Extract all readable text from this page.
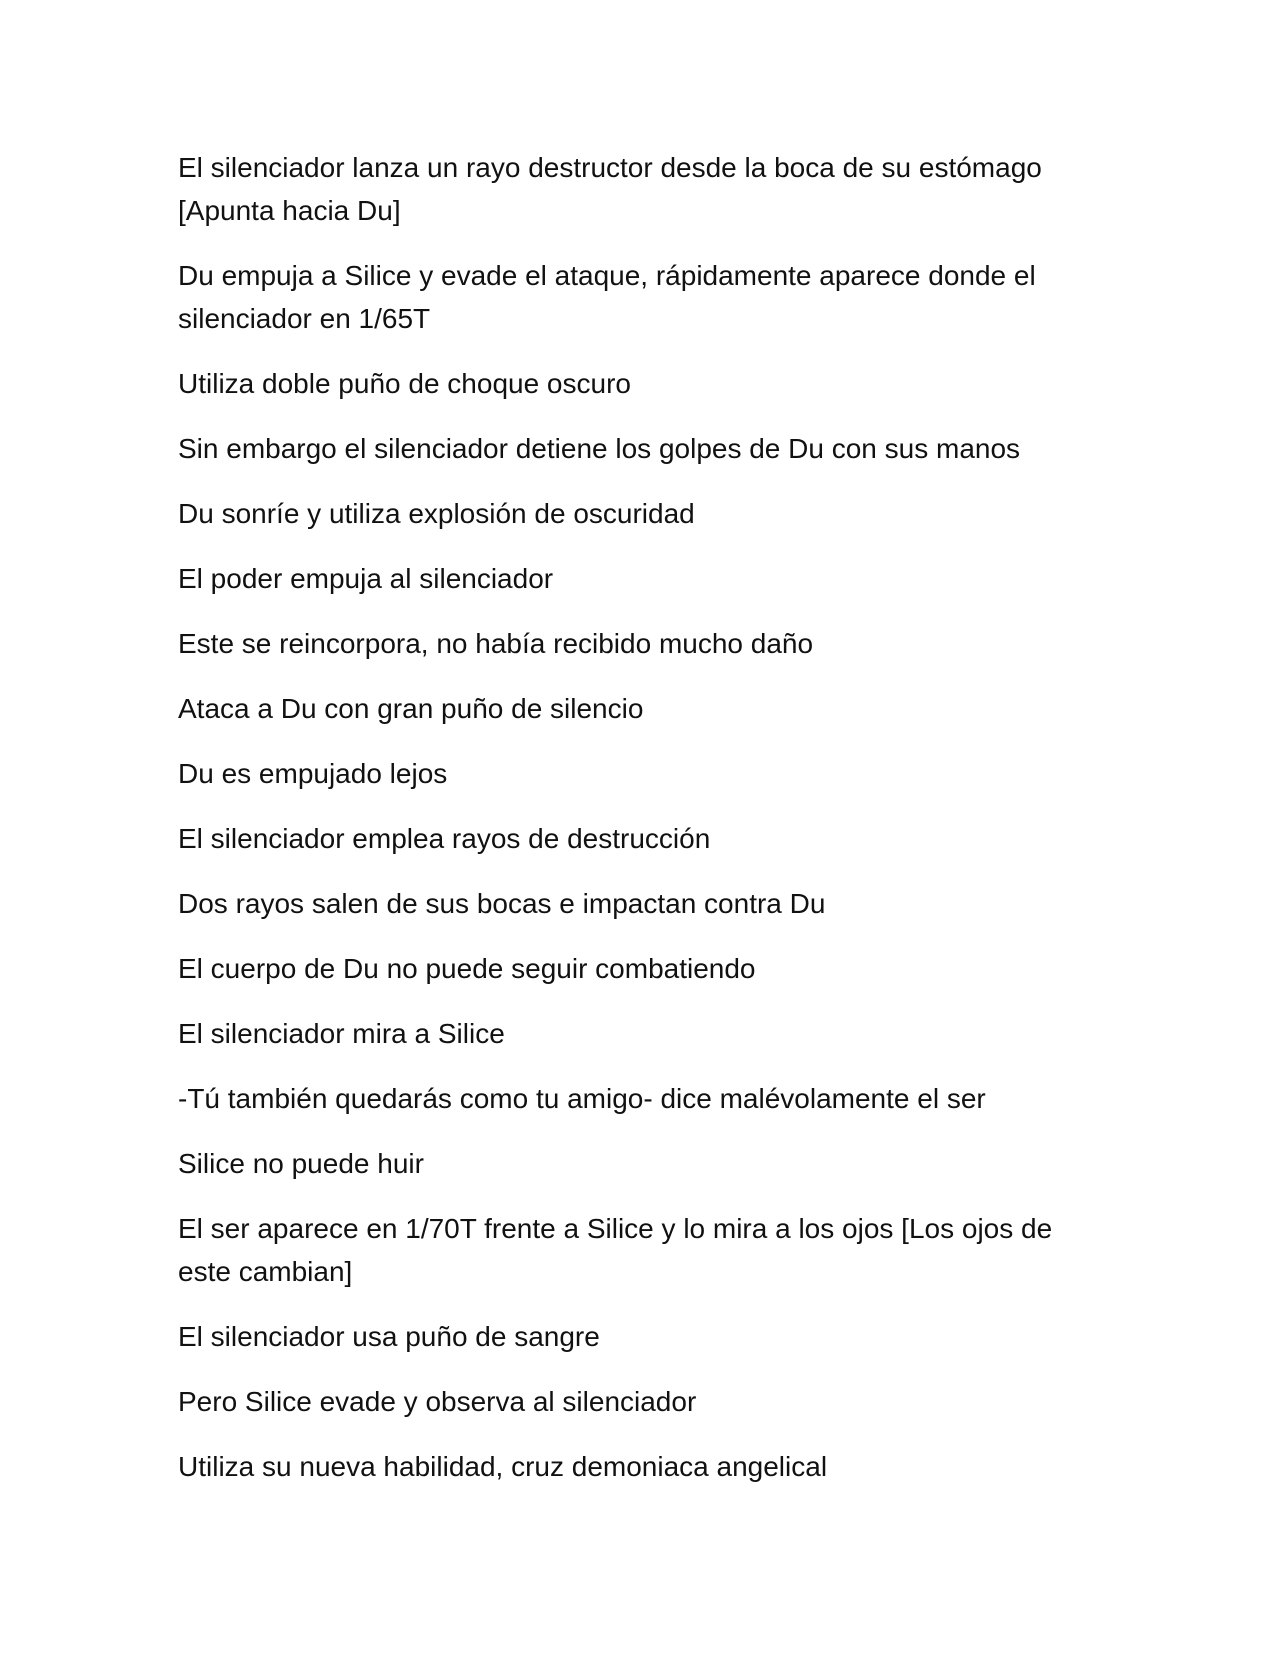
El silenciador lanza un rayo destructor desde la boca de su estómago [Apunta hacia Du]

Du empuja a Silice y evade el ataque, rápidamente aparece donde el silenciador en 1/65T

Utiliza doble puño de choque oscuro

Sin embargo el silenciador detiene los golpes de Du con sus manos

Du sonríe y utiliza explosión de oscuridad

El poder empuja al silenciador

Este se reincorpora, no había recibido mucho daño

Ataca a Du con gran puño de silencio

Du es empujado lejos

El silenciador emplea rayos de destrucción

Dos rayos salen de sus bocas e impactan contra Du

El cuerpo de Du no puede seguir combatiendo

El silenciador mira a Silice

-Tú también quedarás como tu amigo- dice malévolamente el ser

Silice no puede huir

El ser aparece en 1/70T frente a Silice y lo mira a los ojos [Los ojos de este cambian]

El silenciador usa puño de sangre

Pero Silice evade y observa al silenciador

Utiliza su nueva habilidad, cruz demoniaca angelical
